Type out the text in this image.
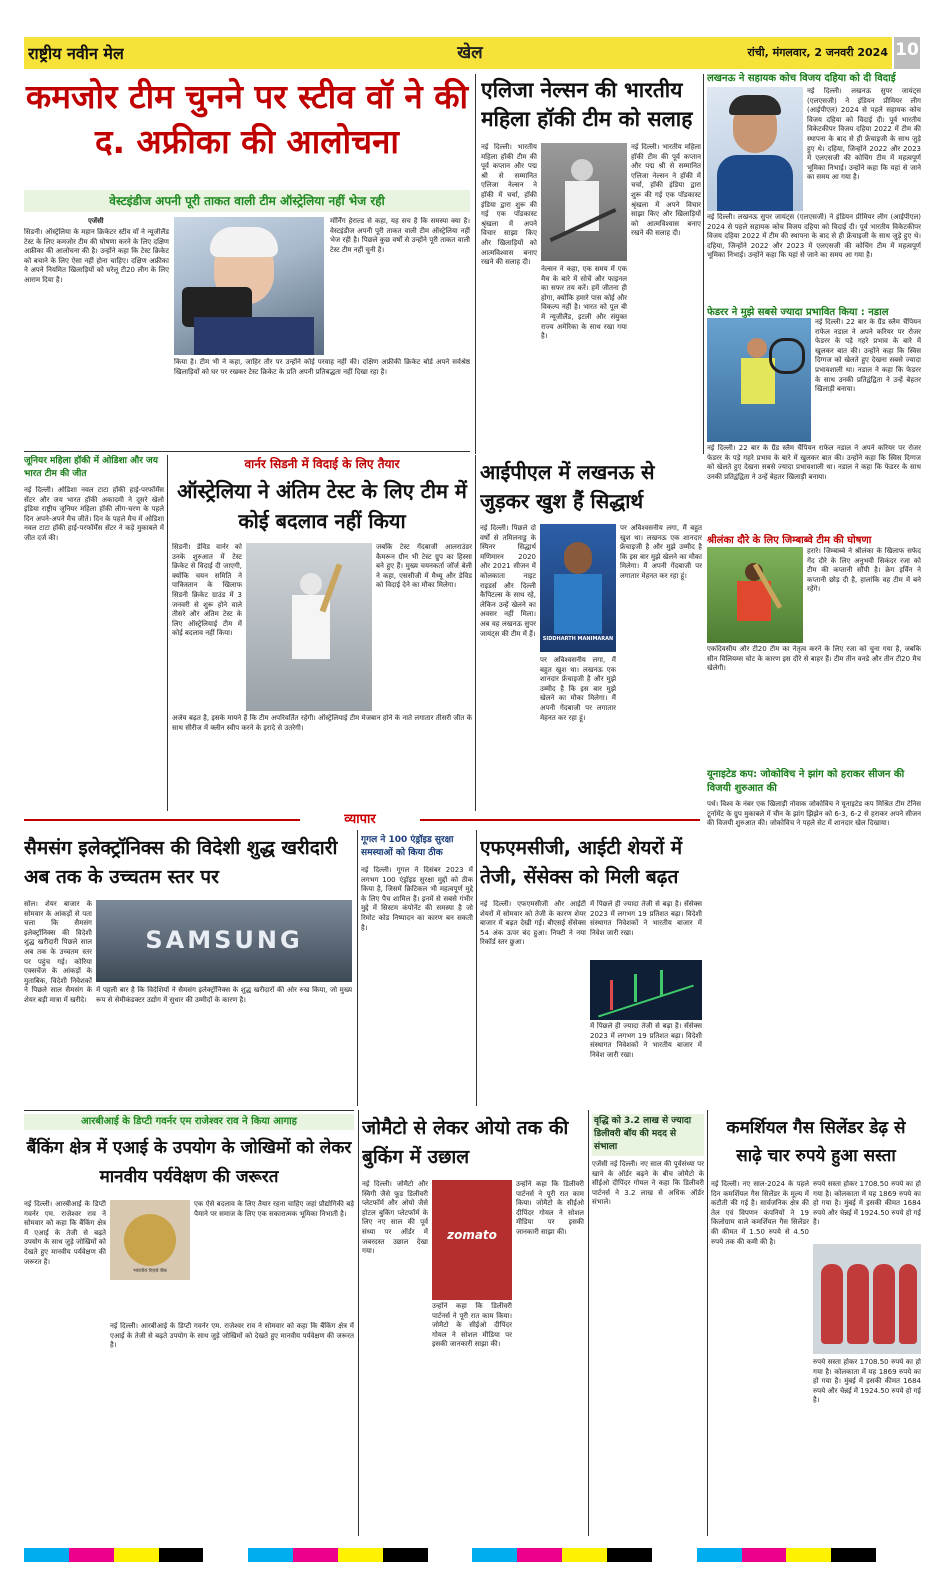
राष्ट्रीय नवीन मेल	खेल	रांची, मंगलवार, 2 जनवरी 2024 10
कमजोर टीम चुनने पर स्टीव वॉ ने की द. अफ्रीका की आलोचना
वेस्टइंडीज अपनी पूरी ताकत वाली टीम ऑस्ट्रेलिया नहीं भेज रही
एजेंसी
सिडनी। ऑस्ट्रेलिया के महान क्रिकेटर स्टीव वॉ ने न्यूजीलैंड टेस्ट के लिए कमजोर टीम की घोषणा करने के लिए दक्षिण अफ्रीका की आलोचना की है। उन्होंने कहा कि टेस्ट क्रिकेट को बचाने के लिए ऐसा नहीं होना चाहिए। दक्षिण अफ्रीका ने अपने नियमित खिलाड़ियों को घरेलू टी20 लीग के लिए आराम दिया है।
मॉर्निंग हेराल्ड से कहा, यह सच है कि समस्या क्या है। वेस्टइंडीज अपनी पूरी ताकत वाली टीम ऑस्ट्रेलिया नहीं भेज रही है। पिछले कुछ वर्षों से उन्होंने पूरी ताकत वाली टेस्ट टीम नहीं चुनी है।
किया है। टीम भी ने कहा, जाहिर तौर पर उन्होंने कोई परवाह नहीं की। दक्षिण अफ्रीकी क्रिकेट बोर्ड अपने सर्वश्रेष्ठ खिलाड़ियों को घर पर रखकर टेस्ट क्रिकेट के प्रति अपनी प्रतिबद्धता नहीं दिखा रहा है।
एलिजा नेल्सन की भारतीय महिला हॉकी टीम को सलाह
नई दिल्ली। भारतीय महिला हॉकी टीम की पूर्व कप्तान और पद्म श्री से सम्मानित एलिजा नेल्सन ने हॉकी में चर्चा, हॉकी इंडिया द्वारा शुरू की गई एक पॉडकास्ट श्रृंखला में अपने विचार साझा किए और खिलाड़ियों को आत्मविश्वास बनाए रखने की सलाह दी।
नेल्सन ने कहा, एक समय में एक मैच के बारे में सोचें और फाइनल का सफर तय करें। हमें जीतना ही होगा, क्योंकि हमारे पास कोई और विकल्प नहीं है। भारत को पूल बी में न्यूजीलैंड, इटली और संयुक्त राज्य अमेरिका के साथ रखा गया है।
नई दिल्ली। भारतीय महिला हॉकी टीम की पूर्व कप्तान और पद्म श्री से सम्मानित एलिजा नेल्सन ने हॉकी में चर्चा, हॉकी इंडिया द्वारा शुरू की गई एक पॉडकास्ट श्रृंखला में अपने विचार साझा किए और खिलाड़ियों को आत्मविश्वास बनाए रखने की सलाह दी।
लखनऊ ने सहायक कोच विजय दहिया को दी विदाई
नई दिल्ली। लखनऊ सुपर जायंट्स (एलएसजी) ने इंडियन प्रीमियर लीग (आईपीएल) 2024 से पहले सहायक कोच विजय दहिया को विदाई दी। पूर्व भारतीय विकेटकीपर विजय दहिया 2022 में टीम की स्थापना के बाद से ही फ्रेंचाइजी के साथ जुड़े हुए थे। दहिया, जिन्होंने 2022 और 2023 में एलएसजी की कोचिंग टीम में महत्वपूर्ण भूमिका निभाई। उन्होंने कहा कि यहां से जाने का समय आ गया है।
नई दिल्ली। लखनऊ सुपर जायंट्स (एलएसजी) ने इंडियन प्रीमियर लीग (आईपीएल) 2024 से पहले सहायक कोच विजय दहिया को विदाई दी। पूर्व भारतीय विकेटकीपर विजय दहिया 2022 में टीम की स्थापना के बाद से ही फ्रेंचाइजी के साथ जुड़े हुए थे। दहिया, जिन्होंने 2022 और 2023 में एलएसजी की कोचिंग टीम में महत्वपूर्ण भूमिका निभाई। उन्होंने कहा कि यहां से जाने का समय आ गया है।
फेडरर ने मुझे सबसे ज्यादा प्रभावित किया : नडाल
नई दिल्ली। 22 बार के ग्रैंड स्लैम चैंपियन राफेल नडाल ने अपने करियर पर रोजर फेडरर के पड़े गहरे प्रभाव के बारे में खुलकर बात की। उन्होंने कहा कि स्विस दिग्गज को खेलते हुए देखना सबसे ज्यादा प्रभावशाली था। नडाल ने कहा कि फेडरर के साथ उनकी प्रतिद्वंद्विता ने उन्हें बेहतर खिलाड़ी बनाया।
नई दिल्ली। 22 बार के ग्रैंड स्लैम चैंपियन राफेल नडाल ने अपने करियर पर रोजर फेडरर के पड़े गहरे प्रभाव के बारे में खुलकर बात की। उन्होंने कहा कि स्विस दिग्गज को खेलते हुए देखना सबसे ज्यादा प्रभावशाली था। नडाल ने कहा कि फेडरर के साथ उनकी प्रतिद्वंद्विता ने उन्हें बेहतर खिलाड़ी बनाया।
जूनियर महिला हॉकी में ओडिशा और जय भारत टीम की जीत
नई दिल्ली। ओडिशा नवल टाटा हॉकी हाई-परफॉर्मेंस सेंटर और जय भारत हॉकी अकादमी ने दूसरे खेलो इंडिया राष्ट्रीय जूनियर महिला हॉकी लीग-चरण के पहले दिन अपने-अपने मैच जीते। दिन के पहले मैच में ओडिशा नवल टाटा हॉकी हाई-परफॉर्मेंस सेंटर ने कड़े मुकाबले में जीत दर्ज की।
वार्नर सिडनी में विदाई के लिए तैयार
ऑस्ट्रेलिया ने अंतिम टेस्ट के लिए टीम में कोई बदलाव नहीं किया
सिडनी। डेविड वार्नर को उनके शुरुआत में टेस्ट क्रिकेट से विदाई दी जाएगी, क्योंकि चयन समिति ने पाकिस्तान के खिलाफ सिडनी क्रिकेट ग्राउंड में 3 जनवरी से शुरू होने वाले तीसरे और अंतिम टेस्ट के लिए ऑस्ट्रेलियाई टीम में कोई बदलाव नहीं किया।
जबकि टेस्ट गेंदबाजी आलराउंडर कैमरून ग्रीन भी टेस्ट ग्रुप का हिस्सा बने हुए हैं। मुख्य चयनकर्ता जॉर्ज बेली ने कहा, एससीजी में मैथ्यू और डेविड को विदाई देने का मौका मिलेगा।
अजेय बढ़त है, इसके मायने हैं कि टीम अपरिवर्तित रहेगी। ऑस्ट्रेलियाई टीम मेजबान होने के नाते लगातार तीसरी जीत के साथ सीरीज में क्लीन स्वीप करने के इरादे से उतरेगी।
आईपीएल में लखनऊ से जुड़कर खुश हैं सिद्धार्थ
नई दिल्ली। पिछले दो वर्षों से तमिलनाडु के स्पिनर सिद्धार्थ मणिमारन 2020 और 2021 सीजन में कोलकाता नाइट राइडर्स और दिल्ली कैपिटल्स के साथ रहे, लेकिन उन्हें खेलने का अवसर नहीं मिला। अब वह लखनऊ सुपर जायंट्स की टीम में हैं।
SIDDHARTH MANIMARAN
पर अविश्वसनीय लगा, मैं बहुत खुश था। लखनऊ एक शानदार फ्रेंचाइजी है और मुझे उम्मीद है कि इस बार मुझे खेलने का मौका मिलेगा। मैं अपनी गेंदबाजी पर लगातार मेहनत कर रहा हूं।
पर अविश्वसनीय लगा, मैं बहुत खुश था। लखनऊ एक शानदार फ्रेंचाइजी है और मुझे उम्मीद है कि इस बार मुझे खेलने का मौका मिलेगा। मैं अपनी गेंदबाजी पर लगातार मेहनत कर रहा हूं।
श्रीलंका दौरे के लिए जिम्बाब्वे टीम की घोषणा
हरारे। जिम्बाब्वे ने श्रीलंका के खिलाफ सफेद गेंद दौरे के लिए अनुभवी सिकंदर रजा को टीम की कप्तानी सौंपी है। क्रेग इर्विन ने कप्तानी छोड़ दी है, हालांकि वह टीम में बने रहेंगे।
एकदिवसीय और टी20 टीम का नेतृत्व करने के लिए रजा को चुना गया है, जबकि सीन विलियम्स चोट के कारण इस दौरे से बाहर हैं। टीम तीन वनडे और तीन टी20 मैच खेलेगी।
यूनाइटेड कप: जोकोविच ने झांग को हराकर सीजन की विजयी शुरुआत की
पर्थ। विश्व के नंबर एक खिलाड़ी नोवाक जोकोविच ने यूनाइटेड कप मिश्रित टीम टेनिस टूर्नामेंट के ग्रुप मुकाबले में चीन के झांग झिझेन को 6-3, 6-2 से हराकर अपने सीजन की विजयी शुरुआत की। जोकोविच ने पहले सेट में शानदार खेल दिखाया।
व्यापार
सैमसंग इलेक्ट्रॉनिक्स की विदेशी शुद्ध खरीदारी अब तक के उच्चतम स्तर पर
SAMSUNG
सोल। शेयर बाजार के सोमवार के आंकड़ों से पता चला कि सैमसंग इलेक्ट्रॉनिक्स की विदेशी शुद्ध खरीदारी पिछले साल अब तक के उच्चतम स्तर पर पहुंच गई। कोरिया एक्सचेंज के आंकड़ों के मुताबिक, विदेशी निवेशकों ने पिछले साल सैमसंग के शेयर बड़ी मात्रा में खरीदे।
में पहली बार है कि विदेशियों ने सैमसंग इलेक्ट्रॉनिक्स के शुद्ध खरीदारों की ओर रुख किया, जो मुख्य रूप से सेमीकंडक्टर उद्योग में सुधार की उम्मीदों के कारण है।
गूगल ने 100 एंड्रॉइड सुरक्षा समस्याओं को किया ठीक
नई दिल्ली। गूगल ने दिसंबर 2023 में लगभग 100 एंड्रॉइड सुरक्षा मुद्दों को ठीक किया है, जिसमें क्रिटिकल भी महत्वपूर्ण मुद्दे के लिए पैच शामिल हैं। इनमें से सबसे गंभीर मुद्दे में सिस्टम कंपोनेंट की समस्या है जो रिमोट कोड निष्पादन का कारण बन सकती है।
एफएमसीजी, आईटी शेयरों में तेजी, सेंसेक्स को मिली बढ़त
नई दिल्ली। एफएमसीजी और आईटी शेयरों में सोमवार को तेजी के कारण शेयर बाजार में बढ़त देखी गई। बीएसई सेंसेक्स 54 अंक ऊपर बंद हुआ। निफ्टी ने नया रिकॉर्ड स्तर छुआ।
में पिछले ही ज्यादा तेजी से बढ़ा है। सेंसेक्स 2023 में लगभग 19 प्रतिशत बढ़ा। विदेशी संस्थागत निवेशकों ने भारतीय बाजार में निवेश जारी रखा।
में पिछले ही ज्यादा तेजी से बढ़ा है। सेंसेक्स 2023 में लगभग 19 प्रतिशत बढ़ा। विदेशी संस्थागत निवेशकों ने भारतीय बाजार में निवेश जारी रखा।
आरबीआई के डिप्टी गवर्नर एम राजेश्वर राव ने किया आगाह
बैंकिंग क्षेत्र में एआई के उपयोग के जोखिमों को लेकर मानवीय पर्यवेक्षण की जरूरत
नई दिल्ली। आरबीआई के डिप्टी गवर्नर एम. राजेश्वर राव ने सोमवार को कहा कि बैंकिंग क्षेत्र में एआई के तेजी से बढ़ते उपयोग के साथ जुड़े जोखिमों को देखते हुए मानवीय पर्यवेक्षण की जरूरत है।
भारतीय रिज़र्व बैंक
एक ऐसे बदलाव के लिए तैयार रहना चाहिए जहां प्रौद्योगिकी बड़े पैमाने पर समाज के लिए एक सकारात्मक भूमिका निभाती है।
नई दिल्ली। आरबीआई के डिप्टी गवर्नर एम. राजेश्वर राव ने सोमवार को कहा कि बैंकिंग क्षेत्र में एआई के तेजी से बढ़ते उपयोग के साथ जुड़े जोखिमों को देखते हुए मानवीय पर्यवेक्षण की जरूरत है।
जोमैटो से लेकर ओयो तक की बुकिंग में उछाल
नई दिल्ली। जोमैटो और स्विगी जैसे फूड डिलीवरी प्लेटफॉर्म और ओयो जैसे होटल बुकिंग प्लेटफॉर्म के लिए नए साल की पूर्व संध्या पर ऑर्डर में जबरदस्त उछाल देखा गया।
zomato
उन्होंने कहा कि डिलीवरी पार्टनर्स ने पूरी रात काम किया। जोमैटो के सीईओ दीपिंदर गोयल ने सोशल मीडिया पर इसकी जानकारी साझा की।
उन्होंने कहा कि डिलीवरी पार्टनर्स ने पूरी रात काम किया। जोमैटो के सीईओ दीपिंदर गोयल ने सोशल मीडिया पर इसकी जानकारी साझा की।
वृद्धि को 3.2 लाख से ज्यादा डिलीवरी बॉय की मदद से संभाला
एजेंसी नई दिल्ली। नए साल की पूर्वसंध्या पर खाने के ऑर्डर बढ़ने के बीच जोमैटो के सीईओ दीपिंदर गोयल ने कहा कि डिलीवरी पार्टनर्स ने 3.2 लाख से अधिक ऑर्डर संभाले।
कमर्शियल गैस सिलेंडर डेढ़ से साढ़े चार रुपये हुआ सस्ता
नई दिल्ली। नए साल-2024 के पहले दिन कमर्शियल गैस सिलेंडर के मूल्य में कटौती की गई है। सार्वजनिक क्षेत्र की तेल एवं विपणन कंपनियों ने 19 किलोग्राम वाले कमर्शियल गैस सिलेंडर की कीमत में 1.50 रुपये से 4.50 रुपये तक की कमी की है।
रुपये सस्ता होकर 1708.50 रुपये का हो गया है। कोलकाता में यह 1869 रुपये का हो गया है। मुंबई में इसकी कीमत 1684 रुपये और चेन्नई में 1924.50 रुपये हो गई है।
रुपये सस्ता होकर 1708.50 रुपये का हो गया है। कोलकाता में यह 1869 रुपये का हो गया है। मुंबई में इसकी कीमत 1684 रुपये और चेन्नई में 1924.50 रुपये हो गई है।
